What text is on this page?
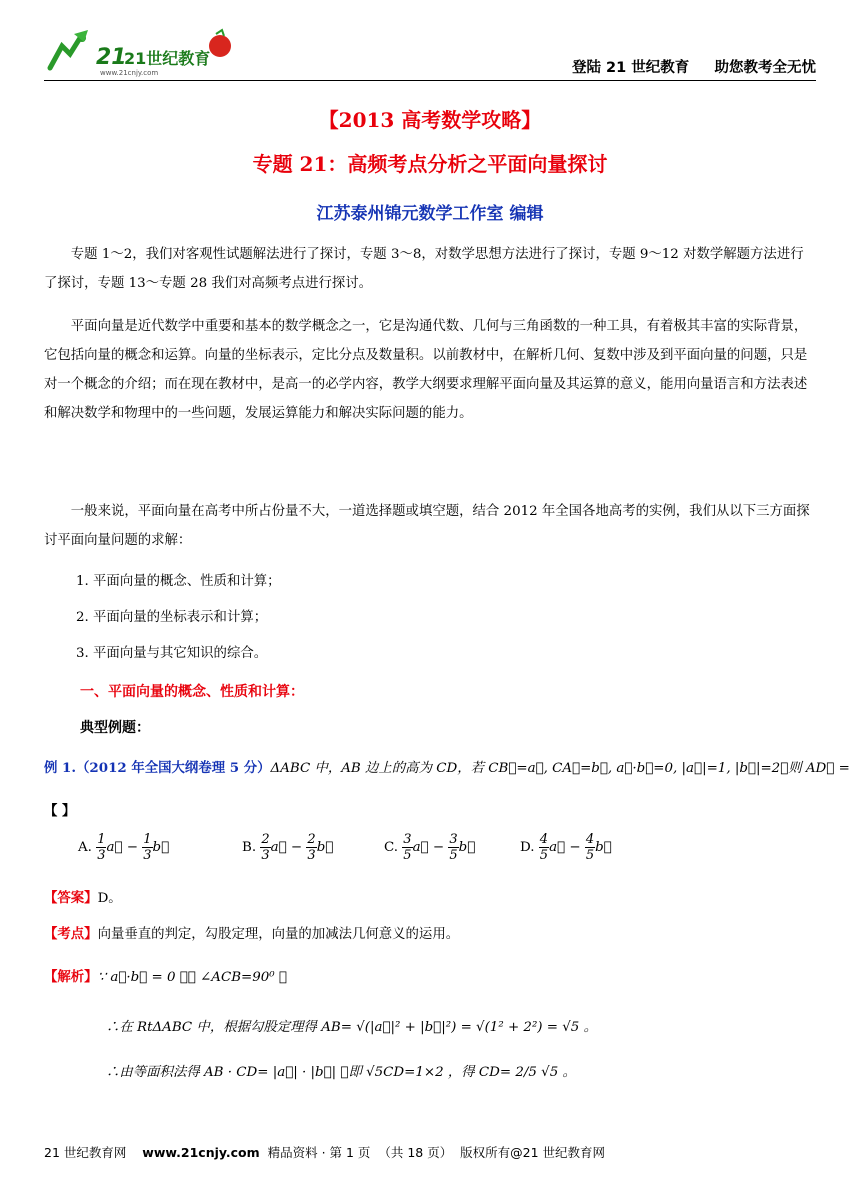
21
21世纪教育
www.21cnjy.com	登陆 21 世纪教育     助您教考全无忧
【2013 高考数学攻略】
专题 21：高频考点分析之平面向量探讨
江苏泰州锦元数学工作室 编辑

专题 1～2，我们对客观性试题解法进行了探讨，专题 3～8，对数学思想方法进行了探讨，专题 9～12 对数学解题方法进行了探讨，专题 13～专题 28 我们对高频考点进行探讨。

平面向量是近代数学中重要和基本的数学概念之一，它是沟通代数、几何与三角函数的一种工具，有着极其丰富的实际背景，它包括向量的概念和运算。向量的坐标表示，定比分点及数量积。以前教材中，在解析几何、复数中涉及到平面向量的问题，只是对一个概念的介绍；而在现在教材中，是高一的必学内容，教学大纲要求理解平面向量及其运算的意义，能用向量语言和方法表述和解决数学和物理中的一些问题，发展运算能力和解决实际问题的能力。

一般来说，平面向量在高考中所占份量不大，一道选择题或填空题，结合 2012 年全国各地高考的实例，我们从以下三方面探讨平面向量问题的求解：

1. 平面向量的概念、性质和计算；
2. 平面向量的坐标表示和计算；
3. 平面向量与其它知识的综合。
一、平面向量的概念、性质和计算：
典型例题：
例 1.（2012 年全国大纲卷理 5 分）ΔABC 中，AB 边上的高为 CD，若 CB⃗=a⃗, CA⃗=b⃗, a⃗·b⃗=0, |a⃗|=1, |b⃗|=2，则 AD⃗ =
【 】
A. $\frac{1}{3}$ a⃗ − $\frac{1}{3}$ b⃗	B. $\frac{2}{3}$ a⃗ − $\frac{2}{3}$ b⃗	C. $\frac{3}{5}$ a⃗ − $\frac{3}{5}$ b⃗	D. $\frac{4}{5}$ a⃗ − $\frac{4}{5}$ b⃗
【答案】D。
【考点】向量垂直的判定，勾股定理，向量的加减法几何意义的运用。
【解析】∵ a⃗·b⃗ = 0 ，∴ ∠ACB=90⁰ ，
∴在 RtΔABC 中，根据勾股定理得 AB= √(|a⃗|² + |b⃗|²) = √(1² + 2²) = √5 。
∴由等面积法得 AB · CD= |a⃗| · |b⃗| ，即 √5CD=1×2 ，得 CD= 2/5 √5 。
21 世纪教育网 www.21cnjy.com 精品资料 · 第 1 页  （共 18 页）  版权所有@21 世纪教育网
